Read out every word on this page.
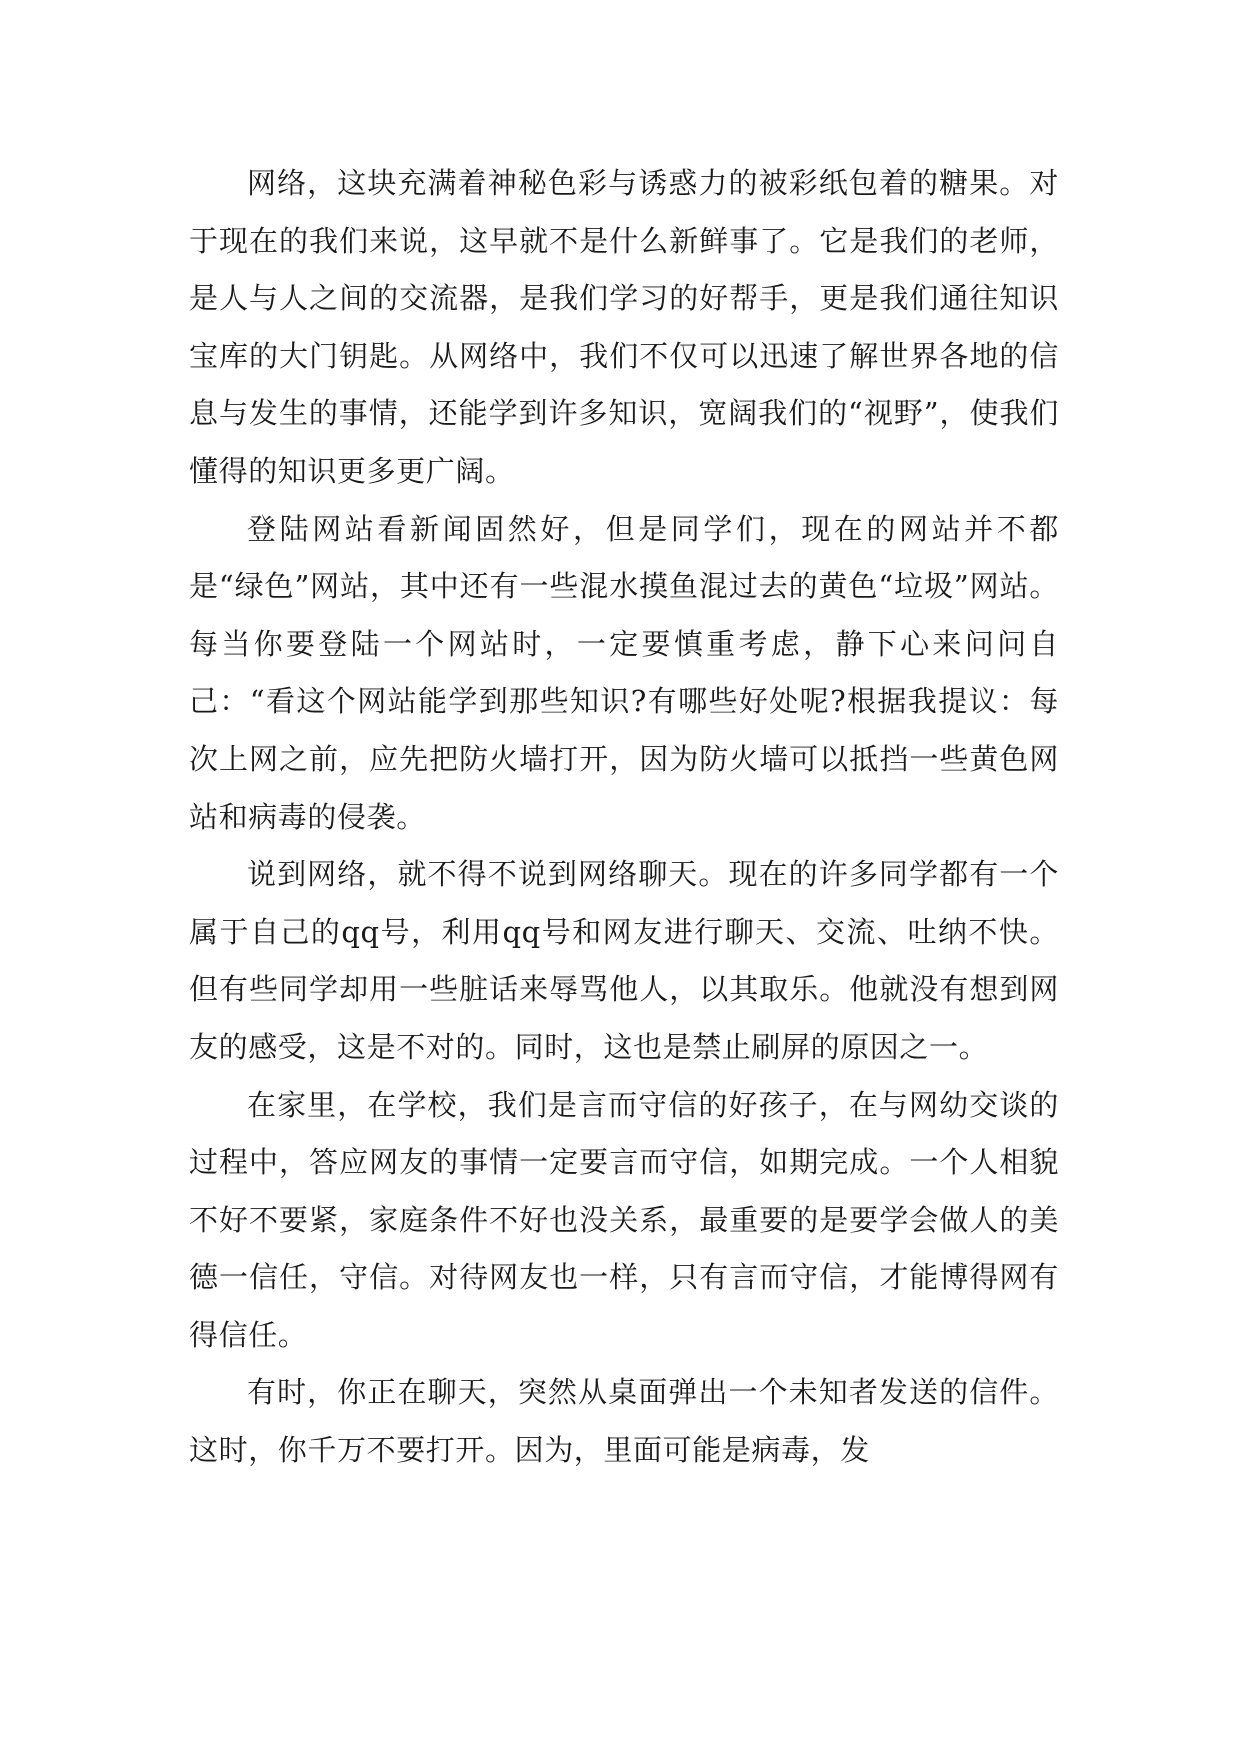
网络，这块充满着神秘色彩与诱惑力的被彩纸包着的糖果。对于现在的我们来说，这早就不是什么新鲜事了。它是我们的老师，是人与人之间的交流器，是我们学习的好帮手，更是我们通往知识宝库的大门钥匙。从网络中，我们不仅可以迅速了解世界各地的信息与发生的事情，还能学到许多知识，宽阔我们的“视野”，使我们懂得的知识更多更广阔。

登陆网站看新闻固然好，但是同学们，现在的网站并不都是“绿色”网站，其中还有一些混水摸鱼混过去的黄色“垃圾”网站。每当你要登陆一个网站时，一定要慎重考虑，静下心来问问自己：“看这个网站能学到那些知识?有哪些好处呢?根据我提议：每次上网之前，应先把防火墙打开，因为防火墙可以抵挡一些黄色网站和病毒的侵袭。

说到网络，就不得不说到网络聊天。现在的许多同学都有一个属于自己的qq号，利用qq号和网友进行聊天、交流、吐纳不快。但有些同学却用一些脏话来辱骂他人，以其取乐。他就没有想到网友的感受，这是不对的。同时，这也是禁止刷屏的原因之一。

在家里，在学校，我们是言而守信的好孩子，在与网幼交谈的过程中，答应网友的事情一定要言而守信，如期完成。一个人相貌不好不要紧，家庭条件不好也没关系，最重要的是要学会做人的美德一信任，守信。对待网友也一样，只有言而守信，才能博得网有得信任。

有时，你正在聊天，突然从桌面弹出一个未知者发送的信件。这时，你千万不要打开。因为，里面可能是病毒，发
